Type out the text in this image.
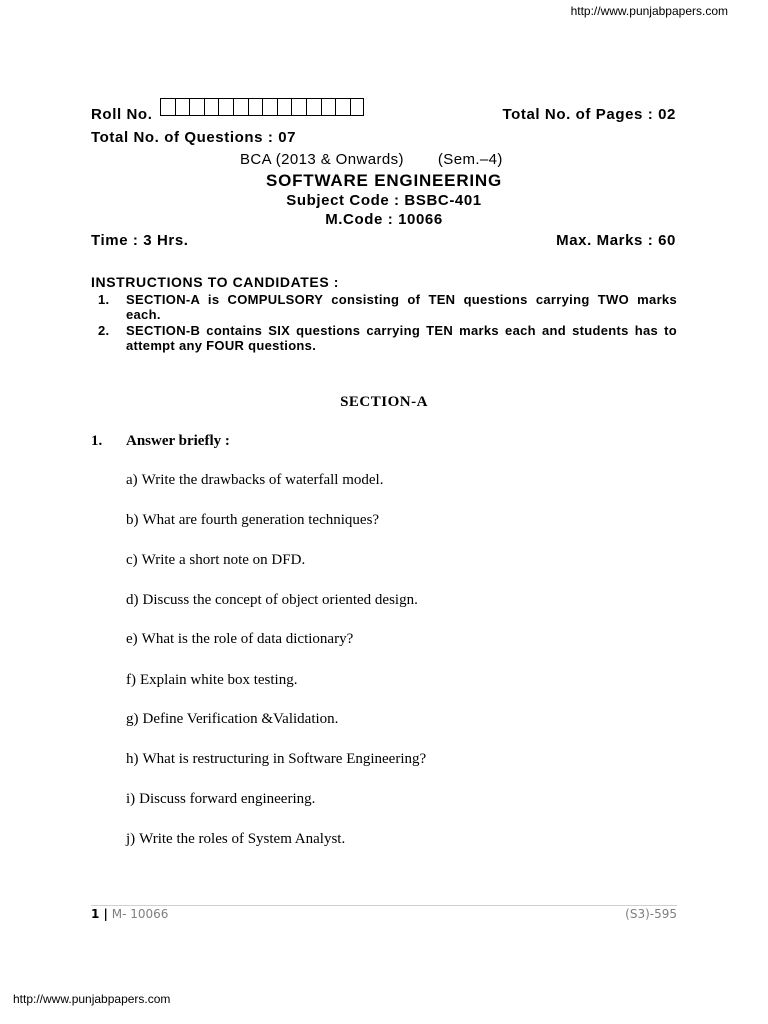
http://www.punjabpapers.com
Roll No.	Total No. of Pages : 02
Total No. of Questions : 07
BCA (2013 & Onwards) (Sem.–4)
SOFTWARE ENGINEERING
Subject Code : BSBC-401
M.Code : 10066
Time : 3 Hrs.	Max. Marks : 60
INSTRUCTIONS TO CANDIDATES :
1.	SECTION-A is COMPULSORY consisting of TEN questions carrying TWO marks each.
2.	SECTION-B contains SIX questions carrying TEN marks each and students has to attempt any FOUR questions.
SECTION-A
1. Answer briefly :
a) Write the drawbacks of waterfall model.
b) What are fourth generation techniques?
c) Write a short note on DFD.
d) Discuss the concept of object oriented design.
e) What is the role of data dictionary?
f) Explain white box testing.
g) Define Verification &Validation.
h) What is restructuring in Software Engineering?
i) Discuss forward engineering.
j) Write the roles of System Analyst.
1 | M- 10066	(S3)-595
http://www.punjabpapers.com
